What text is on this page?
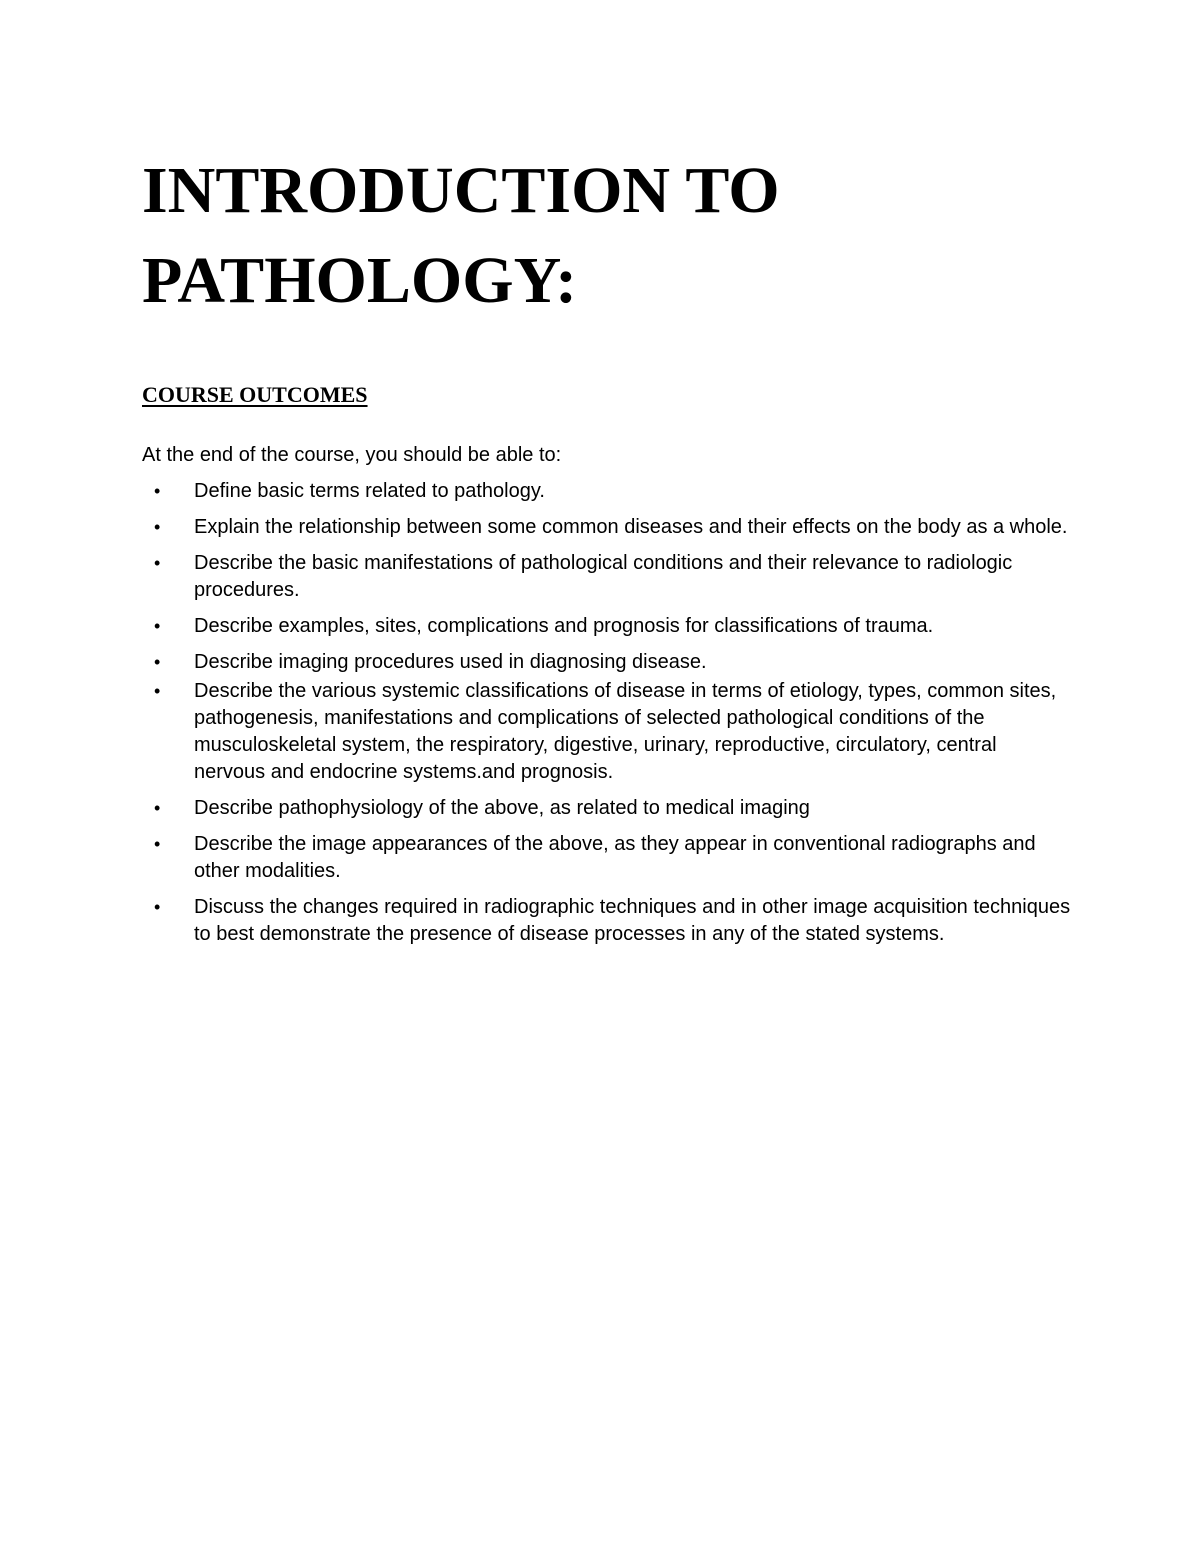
INTRODUCTION TO
PATHOLOGY:
COURSE OUTCOMES

At the end of the course, you should be able to:

•	Define basic terms related to pathology.
•	Explain the relationship between some common diseases and their effects on the body as a whole.
•	Describe the basic manifestations of pathological conditions and their relevance to radiologic procedures.
•	Describe examples, sites, complications and prognosis for classifications of trauma.
•	Describe imaging procedures used in diagnosing disease.
•	Describe the various systemic classifications of disease in terms of etiology, types, common sites, pathogenesis, manifestations and complications of selected pathological conditions of the musculoskeletal system, the respiratory, digestive, urinary, reproductive, circulatory, central nervous and endocrine systems.and prognosis.
•	Describe pathophysiology of the above, as related to medical imaging
•	Describe the image appearances of the above, as they appear in conventional radiographs and other modalities.
•	Discuss the changes required in radiographic techniques and in other image acquisition techniques to best demonstrate the presence of disease processes in any of the stated systems.
